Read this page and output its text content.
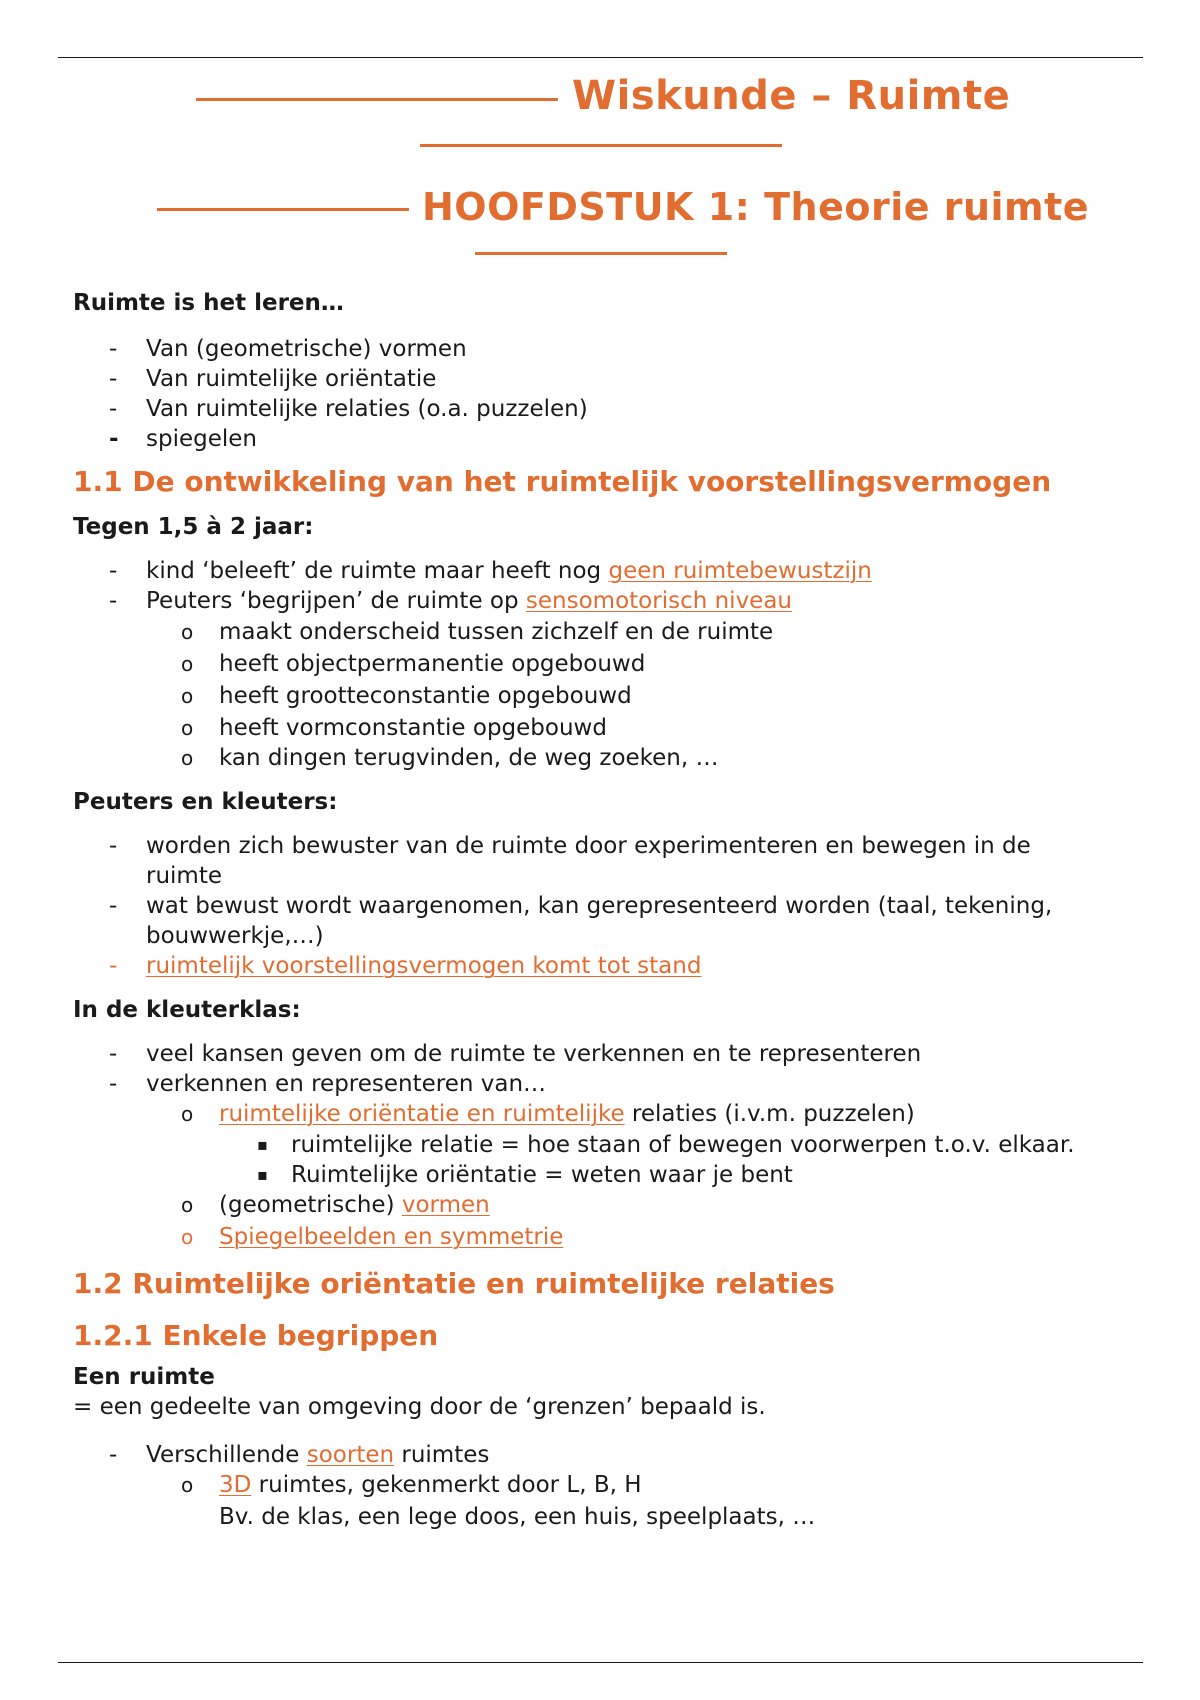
Wiskunde – Ruimte
HOOFDSTUK 1: Theorie ruimte

Ruimte is het leren…

- Van (geometrische) vormen
- Van ruimtelijke oriëntatie
- Van ruimtelijke relaties (o.a. puzzelen)
- spiegelen

1.1 De ontwikkeling van het ruimtelijk voorstellingsvermogen

Tegen 1,5 à 2 jaar:

- kind ‘beleeft’ de ruimte maar heeft nog geen ruimtebewustzijn
- Peuters ‘begrijpen’ de ruimte op sensomotorisch niveau
o maakt onderscheid tussen zichzelf en de ruimte
o heeft objectpermanentie opgebouwd
o heeft grootteconstantie opgebouwd
o heeft vormconstantie opgebouwd
o kan dingen terugvinden, de weg zoeken, …

Peuters en kleuters:

- worden zich bewuster van de ruimte door experimenteren en bewegen in de ruimte
- wat bewust wordt waargenomen, kan gerepresenteerd worden (taal, tekening, bouwwerkje,…)
- ruimtelijk voorstellingsvermogen komt tot stand

In de kleuterklas:

- veel kansen geven om de ruimte te verkennen en te representeren
- verkennen en representeren van…
o ruimtelijke oriëntatie en ruimtelijke relaties (i.v.m. puzzelen)
▪ ruimtelijke relatie = hoe staan of bewegen voorwerpen t.o.v. elkaar.
▪ Ruimtelijke oriëntatie = weten waar je bent
o (geometrische) vormen
o Spiegelbeelden en symmetrie

1.2 Ruimtelijke oriëntatie en ruimtelijke relaties

1.2.1 Enkele begrippen

Een ruimte

= een gedeelte van omgeving door de ‘grenzen’ bepaald is.

- Verschillende soorten ruimtes
o 3D ruimtes, gekenmerkt door L, B, H
Bv. de klas, een lege doos, een huis, speelplaats, …
